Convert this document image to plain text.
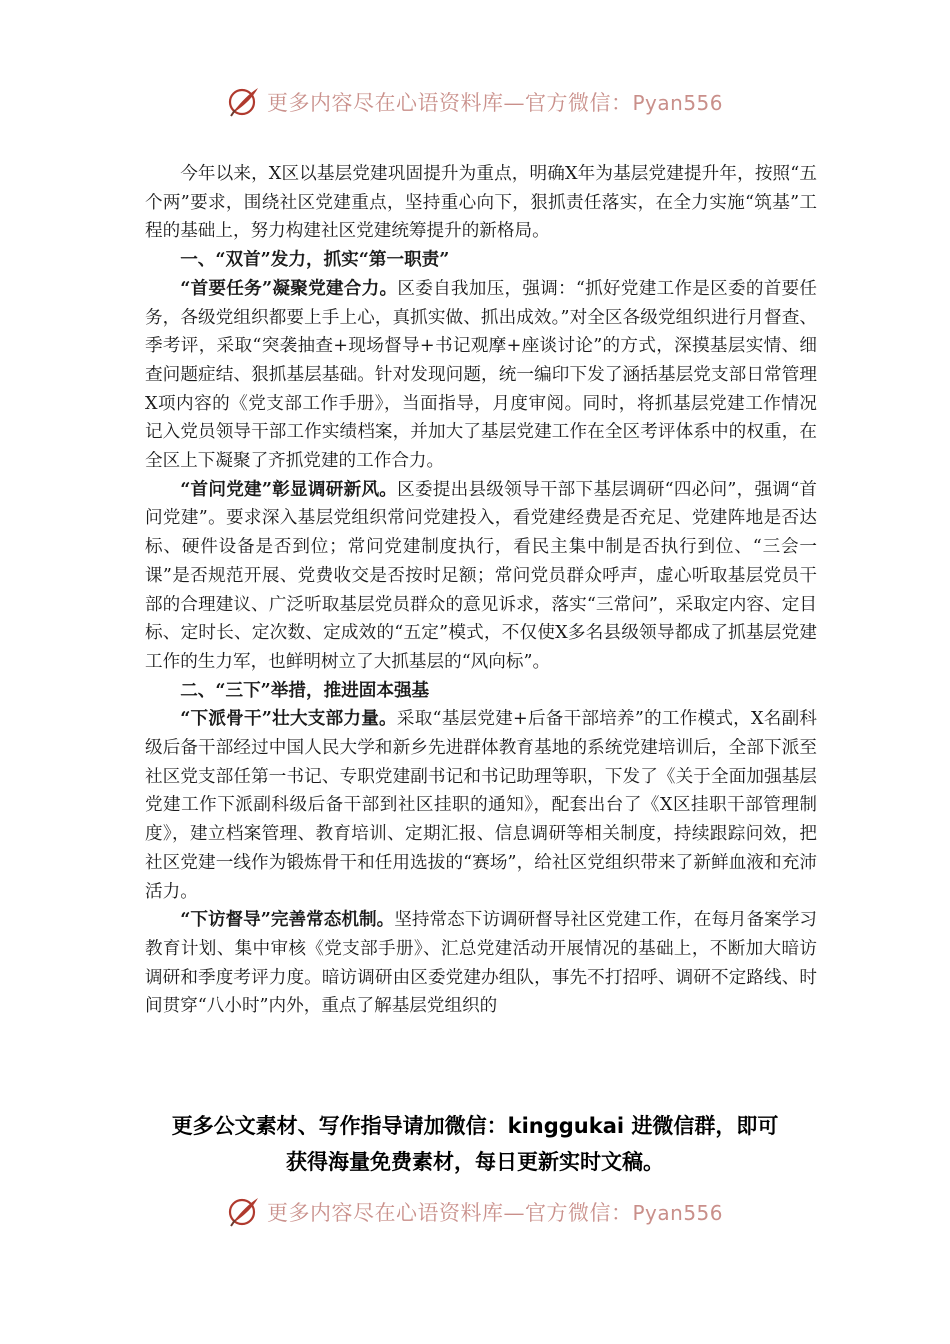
更多内容尽在心语资料库—官方微信：Pyan556

今年以来，X区以基层党建巩固提升为重点，明确X年为基层党建提升年，按照“五个两”要求，围绕社区党建重点，坚持重心向下，狠抓责任落实，在全力实施“筑基”工程的基础上，努力构建社区党建统筹提升的新格局。

一、“双首”发力，抓实“第一职责”

“首要任务”凝聚党建合力。区委自我加压，强调：“抓好党建工作是区委的首要任务，各级党组织都要上手上心，真抓实做、抓出成效。”对全区各级党组织进行月督查、季考评，采取“突袭抽查+现场督导+书记观摩+座谈讨论”的方式，深摸基层实情、细查问题症结、狠抓基层基础。针对发现问题，统一编印下发了涵括基层党支部日常管理X项内容的《党支部工作手册》，当面指导，月度审阅。同时，将抓基层党建工作情况记入党员领导干部工作实绩档案，并加大了基层党建工作在全区考评体系中的权重，在全区上下凝聚了齐抓党建的工作合力。

“首问党建”彰显调研新风。区委提出县级领导干部下基层调研“四必问”，强调“首问党建”。要求深入基层党组织常问党建投入，看党建经费是否充足、党建阵地是否达标、硬件设备是否到位；常问党建制度执行，看民主集中制是否执行到位、“三会一课”是否规范开展、党费收交是否按时足额；常问党员群众呼声，虚心听取基层党员干部的合理建议、广泛听取基层党员群众的意见诉求，落实“三常问”，采取定内容、定目标、定时长、定次数、定成效的“五定”模式，不仅使X多名县级领导都成了抓基层党建工作的生力军，也鲜明树立了大抓基层的“风向标”。

二、“三下”举措，推进固本强基

“下派骨干”壮大支部力量。采取“基层党建+后备干部培养”的工作模式，X名副科级后备干部经过中国人民大学和新乡先进群体教育基地的系统党建培训后，全部下派至社区党支部任第一书记、专职党建副书记和书记助理等职，下发了《关于全面加强基层党建工作下派副科级后备干部到社区挂职的通知》，配套出台了《X区挂职干部管理制度》，建立档案管理、教育培训、定期汇报、信息调研等相关制度，持续跟踪问效，把社区党建一线作为锻炼骨干和任用选拔的“赛场”，给社区党组织带来了新鲜血液和充沛活力。

“下访督导”完善常态机制。坚持常态下访调研督导社区党建工作，在每月备案学习教育计划、集中审核《党支部手册》、汇总党建活动开展情况的基础上，不断加大暗访调研和季度考评力度。暗访调研由区委党建办组队，事先不打招呼、调研不定路线、时间贯穿“八小时”内外，重点了解基层党组织的

更多公文素材、写作指导请加微信：kinggukai 进微信群，即可
获得海量免费素材，每日更新实时文稿。
更多内容尽在心语资料库—官方微信：Pyan556
